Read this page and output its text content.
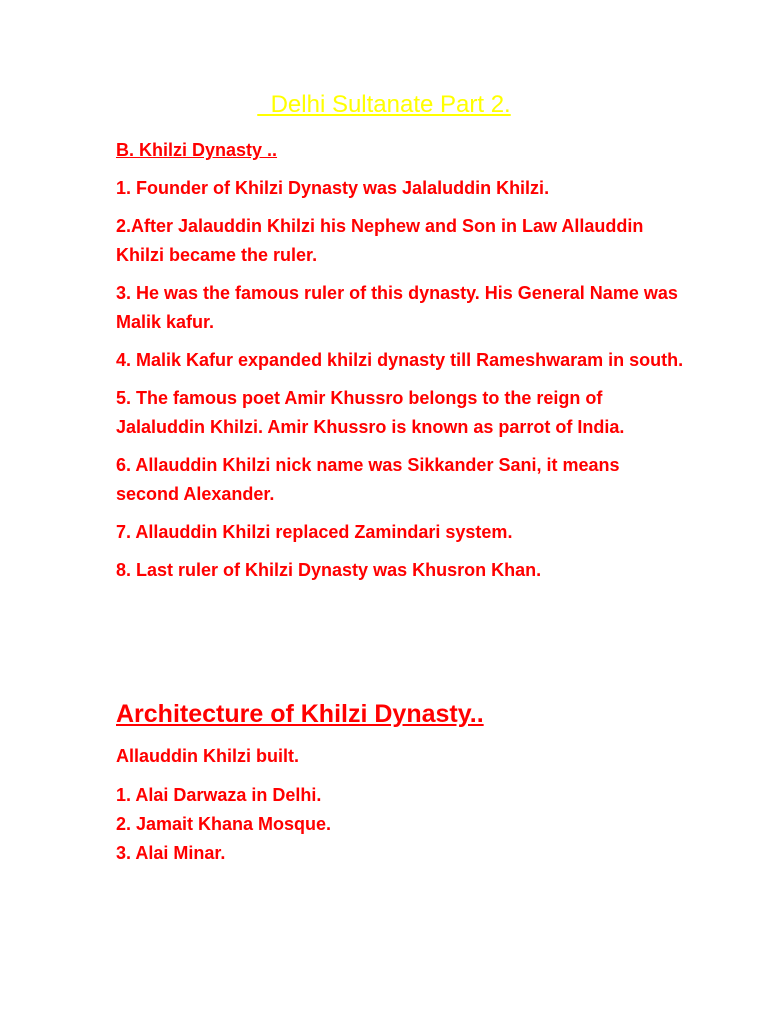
Delhi Sultanate Part 2.
B. Khilzi Dynasty ..
1. Founder of Khilzi Dynasty was Jalaluddin Khilzi.
2.After Jalauddin Khilzi his Nephew and Son in Law Allauddin Khilzi became the ruler.
3. He was the famous ruler of this dynasty. His General Name was Malik kafur.
4. Malik Kafur expanded khilzi dynasty till Rameshwaram in south.
5. The famous poet Amir Khussro belongs to the reign of Jalaluddin Khilzi. Amir Khussro is known as parrot of India.
6. Allauddin Khilzi nick name was Sikkander Sani, it means second Alexander.
7. Allauddin Khilzi replaced Zamindari system.
8. Last ruler of Khilzi Dynasty was Khusron Khan.
Architecture of Khilzi Dynasty..
Allauddin Khilzi built.
1. Alai Darwaza in Delhi.
2. Jamait Khana Mosque.
3. Alai Minar.
